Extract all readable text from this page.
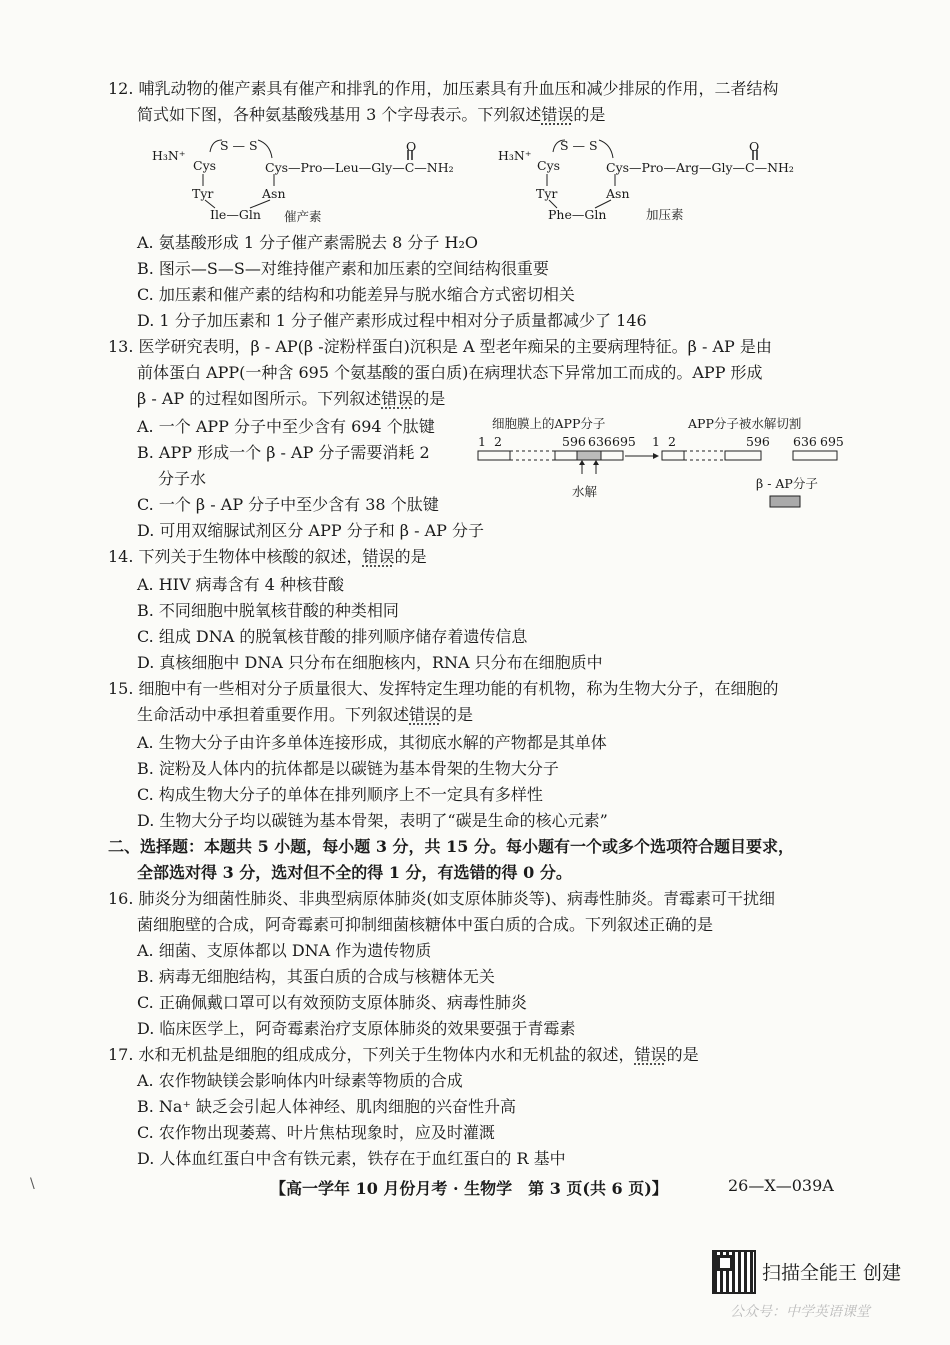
12. 哺乳动物的催产素具有催产和排乳的作用，加压素具有升血压和减少排尿的作用，二者结构
简式如下图，各种氨基酸残基用 3 个字母表示。下列叙述错误的是
H₃N⁺
Cys
S — S
Cys—Pro—Leu—Gly—C—NH₂
O
Tyr	Asn
Ile—Gln 催产素
H₃N⁺
Cys
S — S
Cys—Pro—Arg—Gly—C—NH₂
O
Tyr	Asn
Phe—Gln	加压素
A. 氨基酸形成 1 分子催产素需脱去 8 分子 H₂O
B. 图示—S—S—对维持催产素和加压素的空间结构很重要
C. 加压素和催产素的结构和功能差异与脱水缩合方式密切相关
D. 1 分子加压素和 1 分子催产素形成过程中相对分子质量都减少了 146
13. 医学研究表明，β - AP(β -淀粉样蛋白)沉积是 A 型老年痴呆的主要病理特征。β - AP 是由
前体蛋白 APP(一种含 695 个氨基酸的蛋白质)在病理状态下异常加工而成的。APP 形成
β - AP 的过程如图所示。下列叙述错误的是
A. 一个 APP 分子中至少含有 694 个肽键
B. APP 形成一个 β - AP 分子需要消耗 2
分子水
C. 一个 β - AP 分子中至少含有 38 个肽键
D. 可用双缩脲试剂区分 APP 分子和 β - AP 分子
细胞膜上的APP分子	APP分子被水解切割
1 2	596 636 695 1 2	596 636 695
水解
β - AP分子
14. 下列关于生物体中核酸的叙述，错误的是
A. HIV 病毒含有 4 种核苷酸
B. 不同细胞中脱氧核苷酸的种类相同
C. 组成 DNA 的脱氧核苷酸的排列顺序储存着遗传信息
D. 真核细胞中 DNA 只分布在细胞核内，RNA 只分布在细胞质中
15. 细胞中有一些相对分子质量很大、发挥特定生理功能的有机物，称为生物大分子，在细胞的
生命活动中承担着重要作用。下列叙述错误的是
A. 生物大分子由许多单体连接形成，其彻底水解的产物都是其单体
B. 淀粉及人体内的抗体都是以碳链为基本骨架的生物大分子
C. 构成生物大分子的单体在排列顺序上不一定具有多样性
D. 生物大分子均以碳链为基本骨架，表明了“碳是生命的核心元素”
二、选择题：本题共 5 小题，每小题 3 分，共 15 分。每小题有一个或多个选项符合题目要求，
全部选对得 3 分，选对但不全的得 1 分，有选错的得 0 分。
16. 肺炎分为细菌性肺炎、非典型病原体肺炎(如支原体肺炎等)、病毒性肺炎。青霉素可干扰细
菌细胞壁的合成，阿奇霉素可抑制细菌核糖体中蛋白质的合成。下列叙述正确的是
A. 细菌、支原体都以 DNA 作为遗传物质
B. 病毒无细胞结构，其蛋白质的合成与核糖体无关
C. 正确佩戴口罩可以有效预防支原体肺炎、病毒性肺炎
D. 临床医学上，阿奇霉素治疗支原体肺炎的效果要强于青霉素
17. 水和无机盐是细胞的组成成分，下列关于生物体内水和无机盐的叙述，错误的是
A. 农作物缺镁会影响体内叶绿素等物质的合成
B. Na⁺ 缺乏会引起人体神经、肌肉细胞的兴奋性升高
C. 农作物出现萎蔫、叶片焦枯现象时，应及时灌溉
D. 人体血红蛋白中含有铁元素，铁存在于血红蛋白的 R 基中
\	【高一学年 10 月份月考 · 生物学　第 3 页(共 6 页)】	26—X—039A
扫描全能王 创建
公众号：中学英语课堂
